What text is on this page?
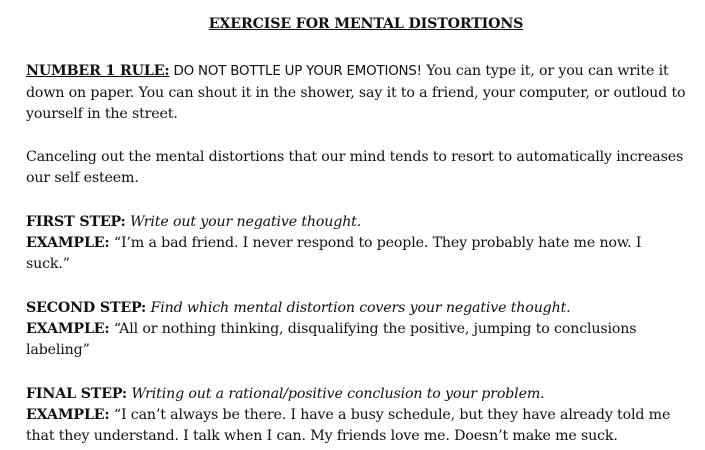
EXERCISE FOR MENTAL DISTORTIONS

NUMBER 1 RULE: DO NOT BOTTLE UP YOUR EMOTIONS! You can type it, or you can write it down on paper. You can shout it in the shower, say it to a friend, your computer, or outloud to yourself in the street.

Canceling out the mental distortions that our mind tends to resort to automatically increases our self esteem.

FIRST STEP: Write out your negative thought.

EXAMPLE: “I’m a bad friend. I never respond to people. They probably hate me now. I suck.”

SECOND STEP: Find which mental distortion covers your negative thought.

EXAMPLE: “All or nothing thinking, disqualifying the positive, jumping to conclusions labeling”

FINAL STEP: Writing out a rational/positive conclusion to your problem.

EXAMPLE: “I can’t always be there. I have a busy schedule, but they have already told me that they understand. I talk when I can. My friends love me. Doesn’t make me suck.
